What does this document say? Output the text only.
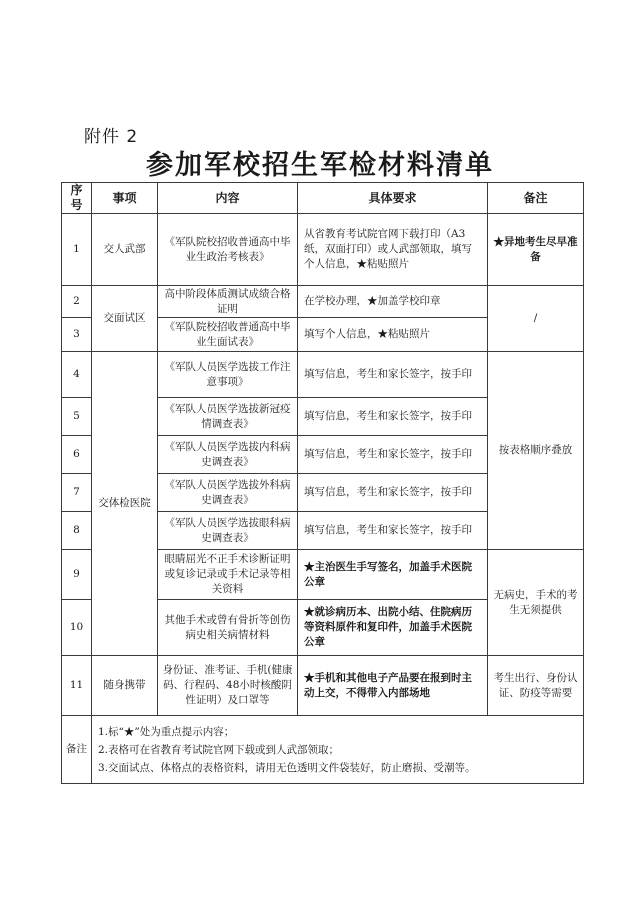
附件 2
参加军校招生军检材料清单
序号	事项	内容	具体要求	备注
1	交人武部	《军队院校招收普通高中毕业生政治考核表》	从省教育考试院官网下载打印（A3纸，双面打印）或人武部领取，填写个人信息，★粘贴照片	★异地考生尽早准备
2	交面试区	高中阶段体质测试成绩合格证明	在学校办理，★加盖学校印章	/
3		《军队院校招收普通高中毕业生面试表》	填写个人信息，★粘贴照片	
4	交体检医院	《军队人员医学选拔工作注意事项》	填写信息，考生和家长签字，按手印	按表格顺序叠放
5		《军队人员医学选拔新冠疫情调查表》	填写信息，考生和家长签字，按手印	
6		《军队人员医学选拔内科病史调查表》	填写信息，考生和家长签字，按手印	
7		《军队人员医学选拔外科病史调查表》	填写信息，考生和家长签字，按手印	
8		《军队人员医学选拔眼科病史调查表》	填写信息，考生和家长签字，按手印	
9		眼睛屈光不正手术诊断证明或复诊记录或手术记录等相关资料	★主治医生手写签名，加盖手术医院公章	无病史，手术的考生无须提供
10		其他手术或曾有骨折等创伤病史相关病情材料	★就诊病历本、出院小结、住院病历等资料原件和复印件，加盖手术医院公章	
11	随身携带	身份证、准考证、手机(健康码、行程码、48小时核酸阴性证明）及口罩等	★手机和其他电子产品要在报到时主动上交，不得带入内部场地	考生出行、身份认证、防疫等需要
备注	1.标“★”处为重点提示内容；
2.表格可在省教育考试院官网下载或到人武部领取；
3.交面试点、体格点的表格资料，请用无色透明文件袋装好，防止磨损、受潮等。			
